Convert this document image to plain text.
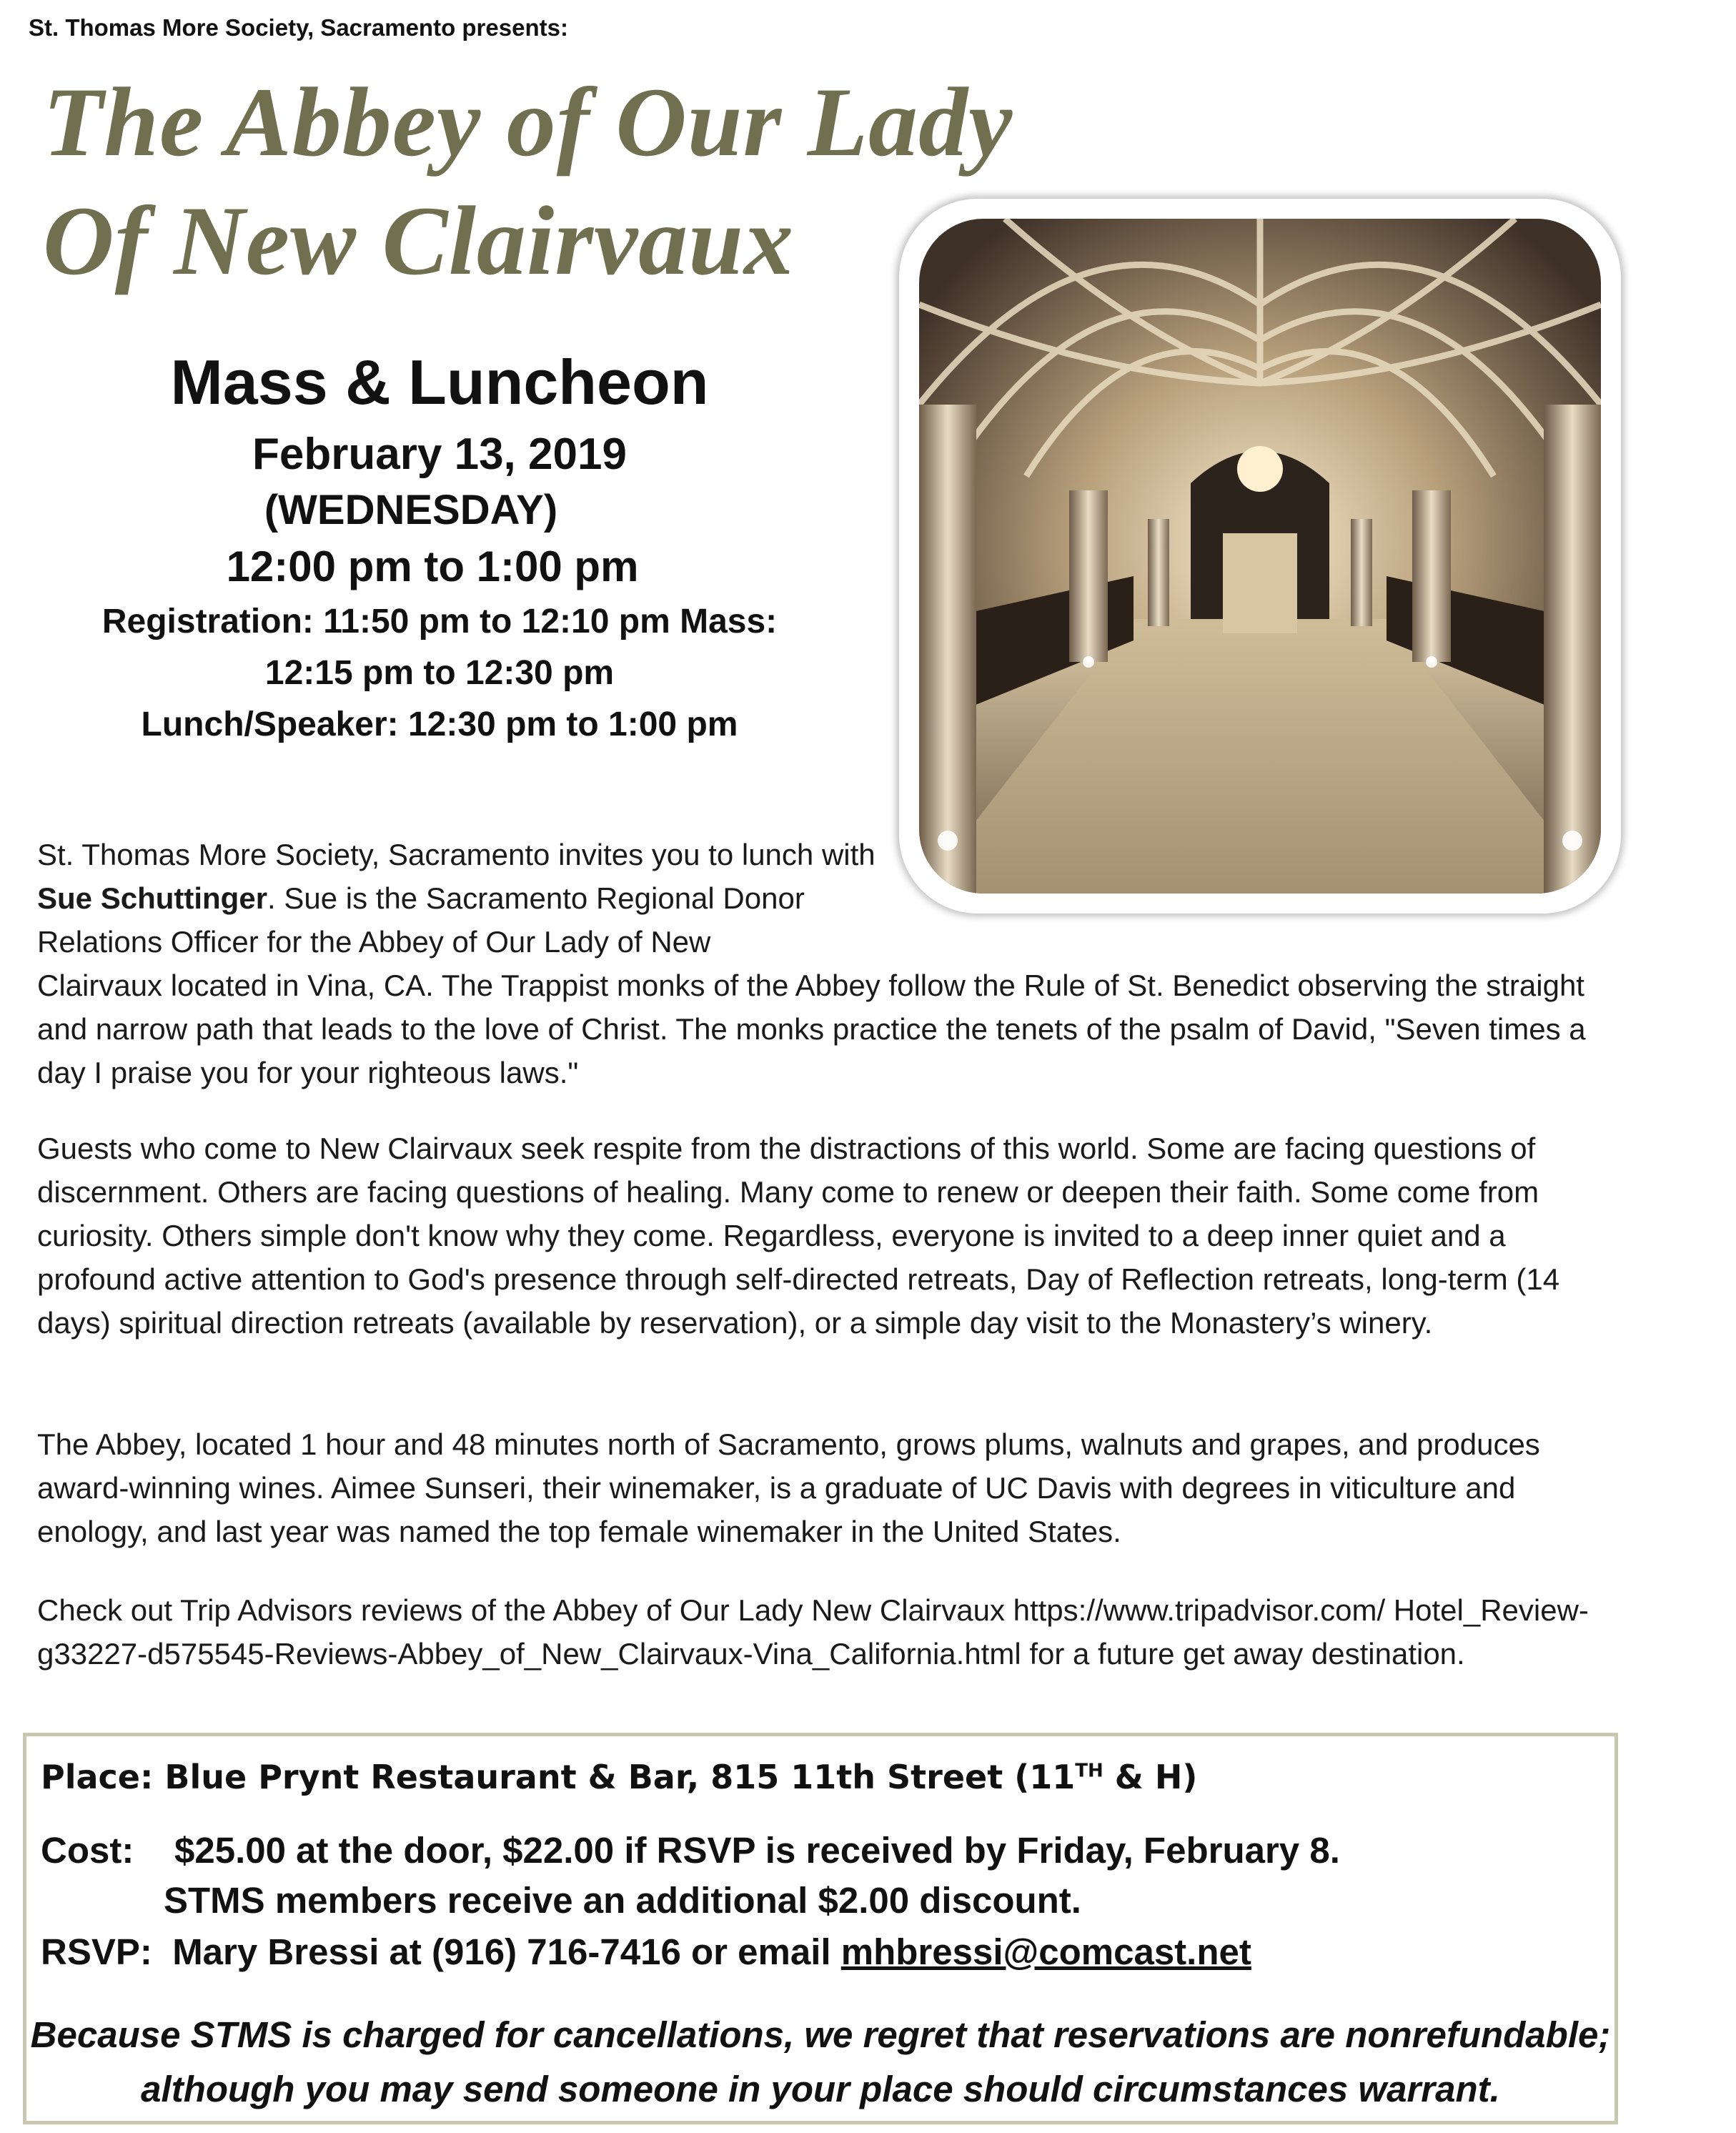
St. Thomas More Society, Sacramento presents:
The Abbey of Our Lady
Of New Clairvaux
Mass & Luncheon
February 13, 2019
(WEDNESDAY)
12:00 pm to 1:00 pm
Registration: 11:50 pm to 12:10 pm Mass:
12:15 pm to 12:30 pm
Lunch/Speaker: 12:30 pm to 1:00 pm

St. Thomas More Society, Sacramento invites you to lunch with Sue Schuttinger. Sue is the Sacramento Regional Donor Relations Officer for the Abbey of Our Lady of New
Clairvaux located in Vina, CA. The Trappist monks of the Abbey follow the Rule of St. Benedict observing the straight and narrow path that leads to the love of Christ. The monks practice the tenets of the psalm of David, "Seven times a day I praise you for your righteous laws."

Guests who come to New Clairvaux seek respite from the distractions of this world. Some are facing questions of discernment. Others are facing questions of healing. Many come to renew or deepen their faith. Some come from curiosity. Others simple don't know why they come. Regardless, everyone is invited to a deep inner quiet and a profound active attention to God's presence through self-directed retreats, Day of Reflection retreats, long-term (14 days) spiritual direction retreats (available by reservation), or a simple day visit to the Monastery’s winery.

The Abbey, located 1 hour and 48 minutes north of Sacramento, grows plums, walnuts and grapes, and produces award-winning wines. Aimee Sunseri, their winemaker, is a graduate of UC Davis with degrees in viticulture and enology, and last year was named the top female winemaker in the United States.

Check out Trip Advisors reviews of the Abbey of Our Lady New Clairvaux https://www.tripadvisor.com/ Hotel_Review-g33227-d575545-Reviews-Abbey_of_New_Clairvaux-Vina_California.html for a future get away destination.

Place: Blue Prynt Restaurant & Bar, 815 11th Street (11TH & H)
Cost:    $25.00 at the door, $22.00 if RSVP is received by Friday, February 8.
STMS members receive an additional $2.00 discount.
RSVP:  Mary Bressi at (916) 716-7416 or email mhbressi@comcast.net
Because STMS is charged for cancellations, we regret that reservations are nonrefundable;
although you may send someone in your place should circumstances warrant.
